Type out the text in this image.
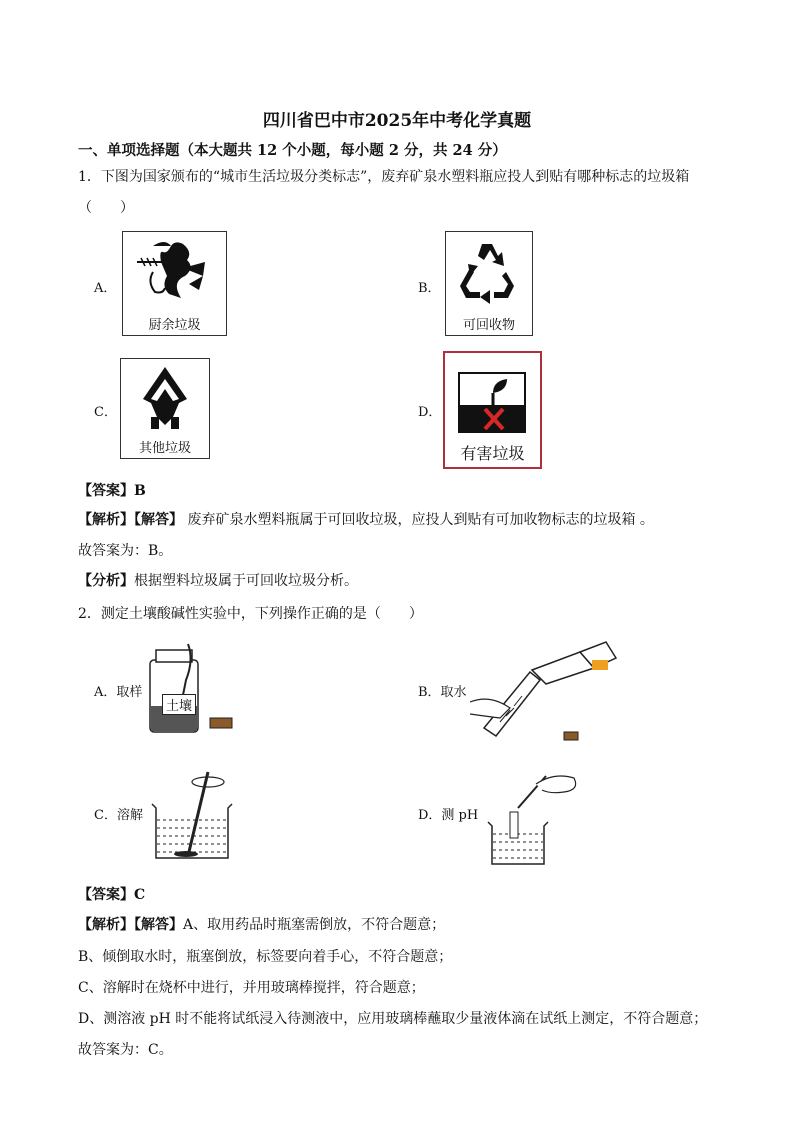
四川省巴中市2025年中考化学真题
一、单项选择题（本大题共 12 个小题，每小题 2 分，共 24 分）
1．下图为国家颁布的“城市生活垃圾分类标志”，废弃矿泉水塑料瓶应投人到贴有哪种标志的垃圾箱
（　　）
A．
厨余垃圾
B．
可回收物
C．
其他垃圾
D．
有害垃圾
【答案】B
【解析】【解答】 废弃矿泉水塑料瓶属于可回收垃圾，应投人到贴有可加收物标志的垃圾箱 。
故答案为：B。
【分析】根据塑料垃圾属于可回收垃圾分析。
2．测定土壤酸碱性实验中，下列操作正确的是（　　）
A．取样
土壤
B．取水
C．溶解	D．测 pH
【答案】C
【解析】【解答】A、取用药品时瓶塞需倒放，不符合题意；
B、倾倒取水时，瓶塞倒放，标签要向着手心，不符合题意；
C、溶解时在烧杯中进行，并用玻璃棒搅拌，符合题意；
D、测溶液 pH 时不能将试纸浸入待测液中，应用玻璃棒蘸取少量液体滴在试纸上测定，不符合题意；
故答案为：C。
